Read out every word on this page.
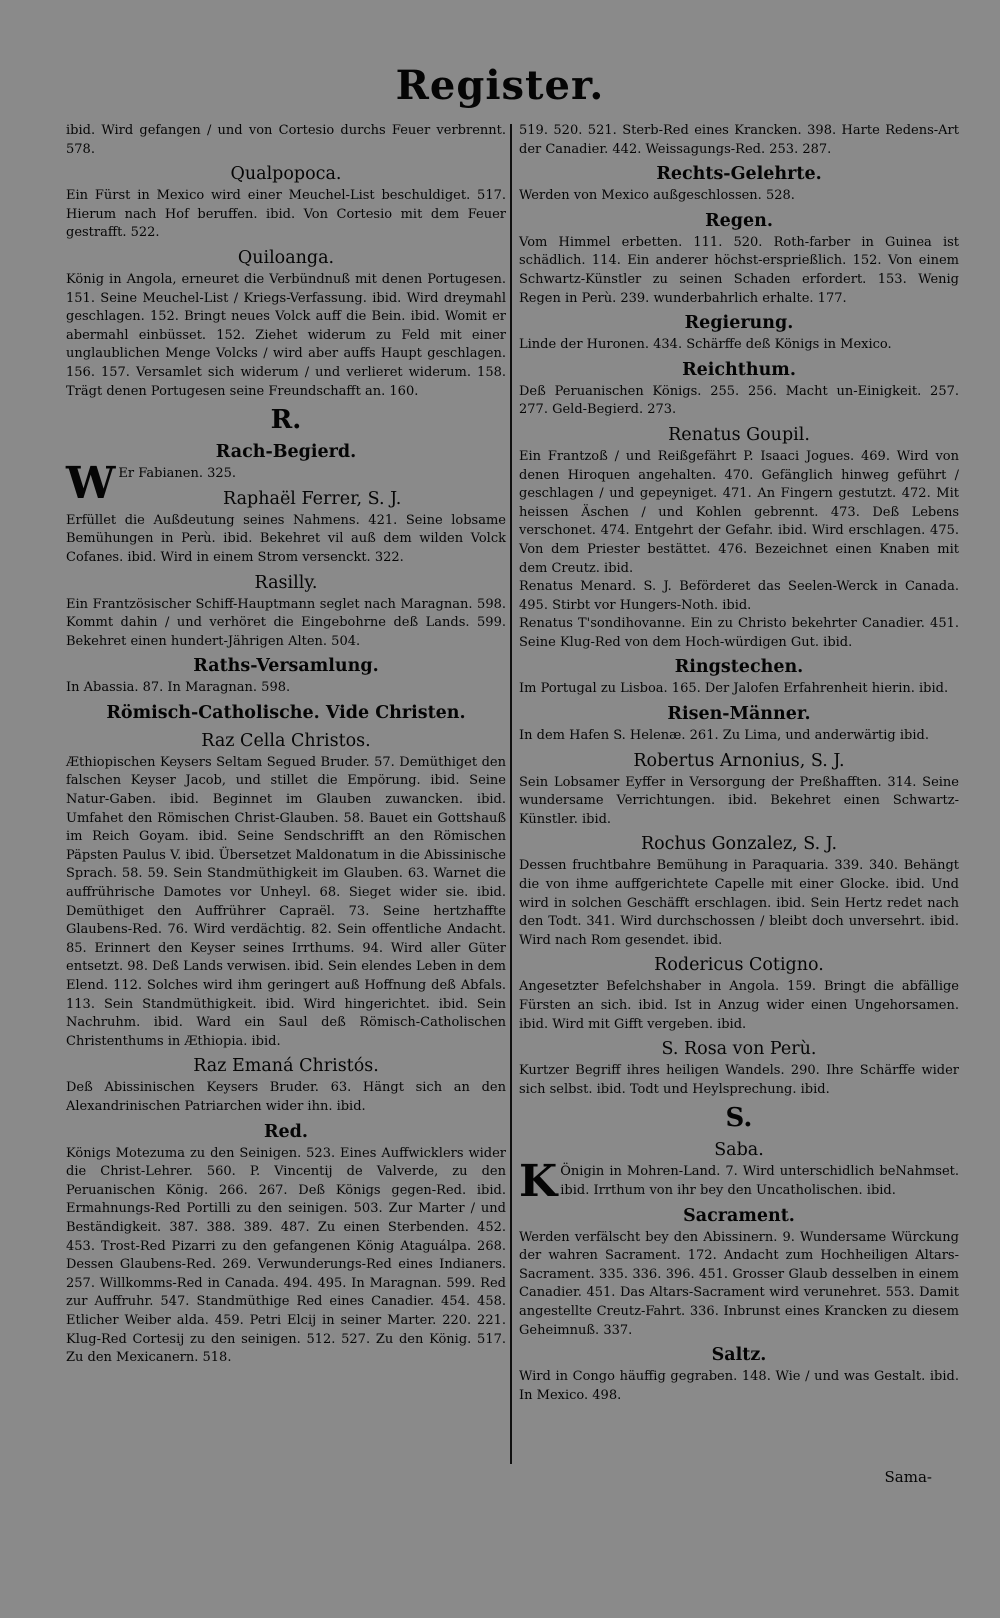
Register.

ibid. Wird gefangen / und von Cortesio durchs Feuer verbrennt. 578.

Qualpopoca.

Ein Fürst in Mexico wird einer Meuchel-List beschuldiget. 517. Hierum nach Hof beruffen. ibid. Von Cortesio mit dem Feuer gestrafft. 522.

Quiloanga.

König in Angola, erneuret die Verbündnuß mit denen Portugesen. 151. Seine Meuchel-List / Kriegs-Verfassung. ibid. Wird dreymahl geschlagen. 152. Bringt neues Volck auff die Bein. ibid. Womit er abermahl einbüsset. 152. Ziehet widerum zu Feld mit einer unglaublichen Menge Volcks / wird aber auffs Haupt geschlagen. 156. 157. Versamlet sich widerum / und verlieret widerum. 158. Trägt denen Portugesen seine Freundschafft an. 160.

R.
Rach-Begierd.

W Er Fabianen. 325.

Raphaël Ferrer, S. J.

Erfüllet die Außdeutung seines Nahmens. 421. Seine lobsame Bemühungen in Perù. ibid. Bekehret vil auß dem wilden Volck Cofanes. ibid. Wird in einem Strom versenckt. 322.

Rasilly.

Ein Frantzösischer Schiff-Hauptmann seglet nach Maragnan. 598. Kommt dahin / und verhöret die Eingebohrne deß Lands. 599. Bekehret einen hundert-Jährigen Alten. 504.

Raths-Versamlung.

In Abassia. 87. In Maragnan. 598.

Römisch-Catholische. Vide Christen.
Raz Cella Christos.

Æthiopischen Keysers Seltam Segued Bruder. 57. Demüthiget den falschen Keyser Jacob, und stillet die Empörung. ibid. Seine Natur-Gaben. ibid. Beginnet im Glauben zuwancken. ibid. Umfahet den Römischen Christ-Glauben. 58. Bauet ein Gottshauß im Reich Goyam. ibid. Seine Sendschrifft an den Römischen Päpsten Paulus V. ibid. Übersetzet Maldonatum in die Abissinische Sprach. 58. 59. Sein Standmüthigkeit im Glauben. 63. Warnet die auffrührische Damotes vor Unheyl. 68. Sieget wider sie. ibid. Demüthiget den Auffrührer Capraël. 73. Seine hertzhaffte Glaubens-Red. 76. Wird verdächtig. 82. Sein offentliche Andacht. 85. Erinnert den Keyser seines Irrthums. 94. Wird aller Güter entsetzt. 98. Deß Lands verwisen. ibid. Sein elendes Leben in dem Elend. 112. Solches wird ihm geringert auß Hoffnung deß Abfals. 113. Sein Standmüthigkeit. ibid. Wird hingerichtet. ibid. Sein Nachruhm. ibid. Ward ein Saul deß Römisch-Catholischen Christenthums in Æthiopia. ibid.

Raz Emaná Christós.

Deß Abissinischen Keysers Bruder. 63. Hängt sich an den Alexandrinischen Patriarchen wider ihn. ibid.

Red.

Königs Motezuma zu den Seinigen. 523. Eines Auffwicklers wider die Christ-Lehrer. 560. P. Vincentij de Valverde, zu den Peruanischen König. 266. 267. Deß Königs gegen-Red. ibid. Ermahnungs-Red Portilli zu den seinigen. 503. Zur Marter / und Beständigkeit. 387. 388. 389. 487. Zu einen Sterbenden. 452. 453. Trost-Red Pizarri zu den gefangenen König Ataguálpa. 268. Dessen Glaubens-Red. 269. Verwunderungs-Red eines Indianers. 257. Willkomms-Red in Canada. 494. 495. In Maragnan. 599. Red zur Auffruhr. 547. Standmüthige Red eines Canadier. 454. 458. Etlicher Weiber alda. 459. Petri Elcij in seiner Marter. 220. 221. Klug-Red Cortesij zu den seinigen. 512. 527. Zu den König. 517. Zu den Mexicanern. 518.

519. 520. 521. Sterb-Red eines Krancken. 398. Harte Redens-Art der Canadier. 442. Weissagungs-Red. 253. 287.

Rechts-Gelehrte.

Werden von Mexico außgeschlossen. 528.

Regen.

Vom Himmel erbetten. 111. 520. Roth-farber in Guinea ist schädlich. 114. Ein anderer höchst-ersprießlich. 152. Von einem Schwartz-Künstler zu seinen Schaden erfordert. 153. Wenig Regen in Perù. 239. wunderbahrlich erhalte. 177.

Regierung.

Linde der Huronen. 434. Schärffe deß Königs in Mexico.

Reichthum.

Deß Peruanischen Königs. 255. 256. Macht un-Einigkeit. 257. 277. Geld-Begierd. 273.

Renatus Goupil.

Ein Frantzoß / und Reißgefährt P. Isaaci Jogues. 469. Wird von denen Hiroquen angehalten. 470. Gefänglich hinweg geführt / geschlagen / und gepeyniget. 471. An Fingern gestutzt. 472. Mit heissen Äschen / und Kohlen gebrennt. 473. Deß Lebens verschonet. 474. Entgehrt der Gefahr. ibid. Wird erschlagen. 475. Von dem Priester bestättet. 476. Bezeichnet einen Knaben mit dem Creutz. ibid.

Renatus Menard. S. J. Beförderet das Seelen-Werck in Canada. 495. Stirbt vor Hungers-Noth. ibid.

Renatus T'sondihovanne. Ein zu Christo bekehrter Canadier. 451. Seine Klug-Red von dem Hoch-würdigen Gut. ibid.

Ringstechen.

Im Portugal zu Lisboa. 165. Der Jalofen Erfahrenheit hierin. ibid.

Risen-Männer.

In dem Hafen S. Helenæ. 261. Zu Lima, und anderwärtig ibid.

Robertus Arnonius, S. J.

Sein Lobsamer Eyffer in Versorgung der Preßhafften. 314. Seine wundersame Verrichtungen. ibid. Bekehret einen Schwartz-Künstler. ibid.

Rochus Gonzalez, S. J.

Dessen fruchtbahre Bemühung in Paraquaria. 339. 340. Behängt die von ihme auffgerichtete Capelle mit einer Glocke. ibid. Und wird in solchen Geschäfft erschlagen. ibid. Sein Hertz redet nach den Todt. 341. Wird durchschossen / bleibt doch unversehrt. ibid. Wird nach Rom gesendet. ibid.

Rodericus Cotigno.

Angesetzter Befelchshaber in Angola. 159. Bringt die abfällige Fürsten an sich. ibid. Ist in Anzug wider einen Ungehorsamen. ibid. Wird mit Gifft vergeben. ibid.

S. Rosa von Perù.

Kurtzer Begriff ihres heiligen Wandels. 290. Ihre Schärffe wider sich selbst. ibid. Todt und Heylsprechung. ibid.

S.
Saba.

K Önigin in Mohren-Land. 7. Wird unterschidlich beNahmset. ibid. Irrthum von ihr bey den Uncatholischen. ibid.

Sacrament.

Werden verfälscht bey den Abissinern. 9. Wundersame Würckung der wahren Sacrament. 172. Andacht zum Hochheiligen Altars-Sacrament. 335. 336. 396. 451. Grosser Glaub desselben in einem Canadier. 451. Das Altars-Sacrament wird verunehret. 553. Damit angestellte Creutz-Fahrt. 336. Inbrunst eines Krancken zu diesem Geheimnuß. 337.

Saltz.

Wird in Congo häuffig gegraben. 148. Wie / und was Gestalt. ibid. In Mexico. 498.

Sama-
